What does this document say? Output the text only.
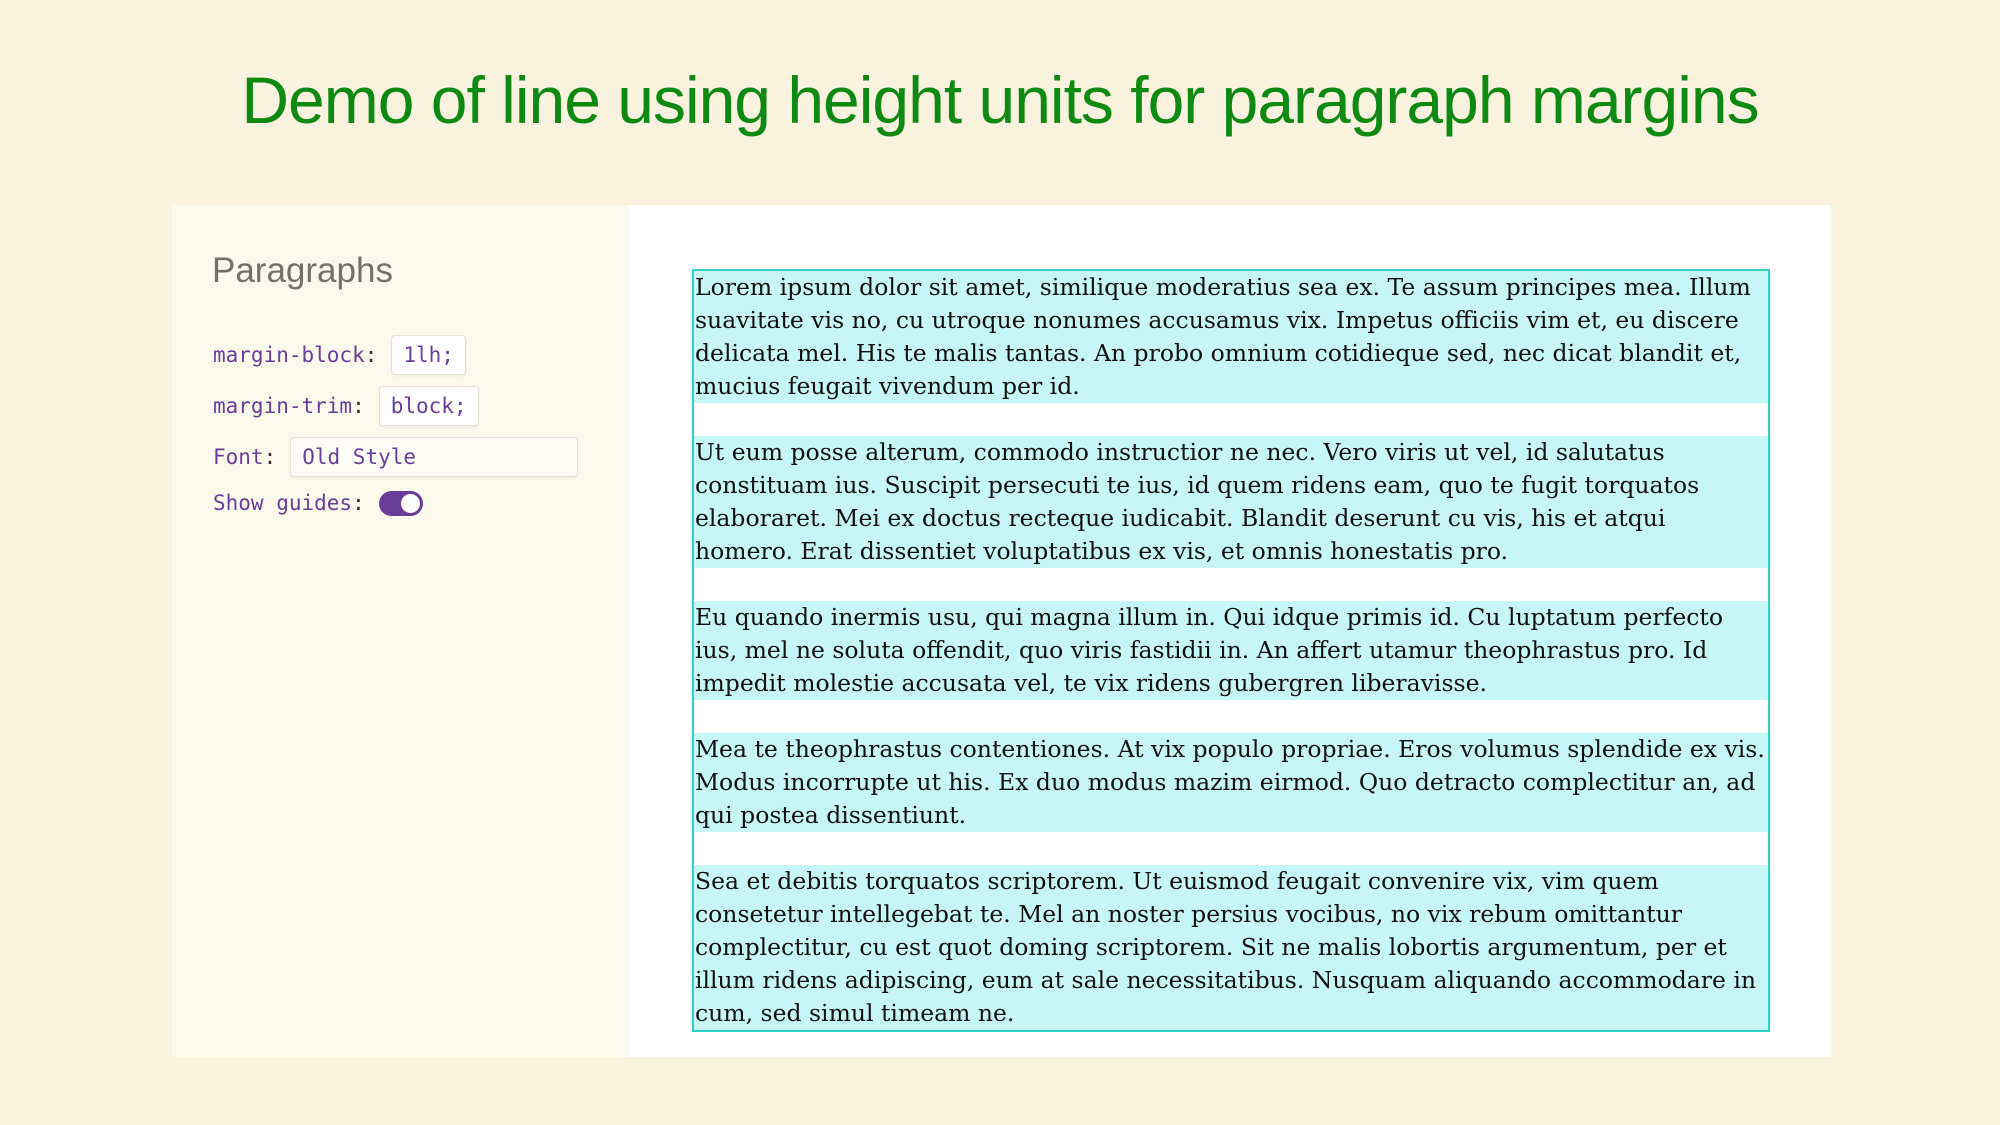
Demo of line using height units for paragraph margins
Paragraphs
margin-block :	1lh;
margin-trim :	block;
Font :	Old Style
Show guides :

Lorem ipsum dolor sit amet, similique moderatius sea ex. Te assum principes mea. Illum suavitate vis no, cu utroque nonumes accusamus vix. Impetus officiis vim et, eu discere delicata mel. His te malis tantas. An probo omnium cotidieque sed, nec dicat blandit et, mucius feugait vivendum per id.

Ut eum posse alterum, commodo instructior ne nec. Vero viris ut vel, id salutatus constituam ius. Suscipit persecuti te ius, id quem ridens eam, quo te fugit torquatos elaboraret. Mei ex doctus recteque iudicabit. Blandit deserunt cu vis, his et atqui homero. Erat dissentiet voluptatibus ex vis, et omnis honestatis pro.

Eu quando inermis usu, qui magna illum in. Qui idque primis id. Cu luptatum perfecto ius, mel ne soluta offendit, quo viris fastidii in. An affert utamur theophrastus pro. Id impedit molestie accusata vel, te vix ridens gubergren liberavisse.

Mea te theophrastus contentiones. At vix populo propriae. Eros volumus splendide ex vis. Modus incorrupte ut his. Ex duo modus mazim eirmod. Quo detracto complectitur an, ad qui postea dissentiunt.

Sea et debitis torquatos scriptorem. Ut euismod feugait convenire vix, vim quem consetetur intellegebat te. Mel an noster persius vocibus, no vix rebum omittantur complectitur, cu est quot doming scriptorem. Sit ne malis lobortis argumentum, per et illum ridens adipiscing, eum at sale necessitatibus. Nusquam aliquando accommodare in cum, sed simul timeam ne.
